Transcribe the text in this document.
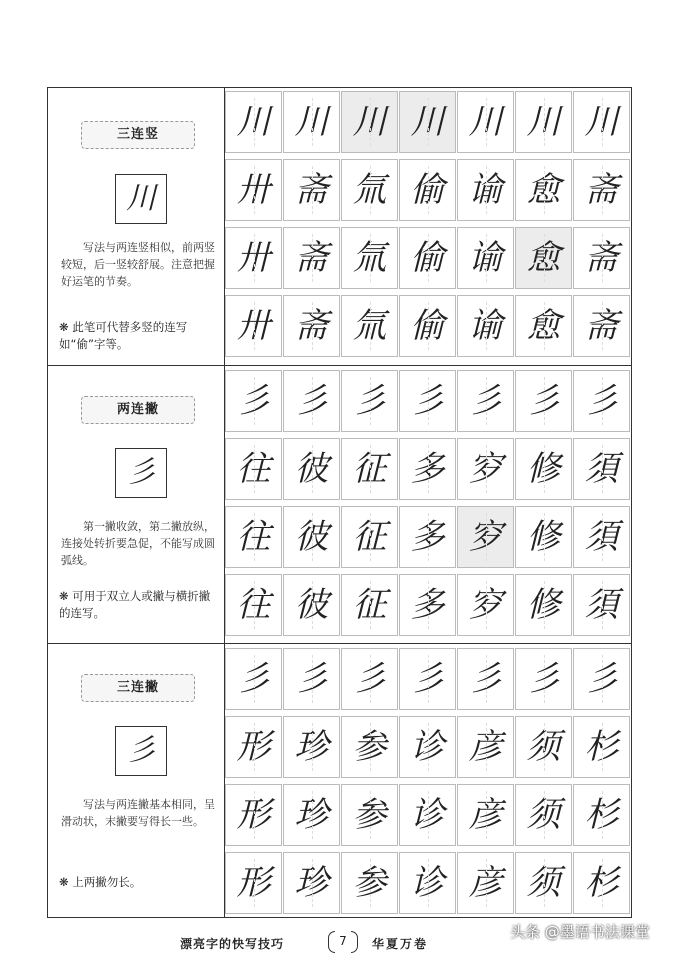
三连竖
川
写法与两连竖相似，前两竖较短，后一竖较舒展。注意把握好运笔的节奏。
❋ 此笔可代替多竖的连写如“偷”字等。
川 川 川 川 川 川 川
卅 斋 氚 偷 谕 愈 斋
卅 斋 氚 偷 谕 愈 斋
卅 斋 氚 偷 谕 愈 斋
两连撇
彡
第一撇收敛，第二撇放纵，连接处转折要急促，不能写成圆弧线。
❋ 可用于双立人或撇与横折撇的连写。
彡 彡 彡 彡 彡 彡 彡
往 彼 征 多 穸 修 須
往 彼 征 多 穸 修 須
往 彼 征 多 穸 修 須
三连撇
彡
写法与两连撇基本相同，呈滑动状，末撇要写得长一些。
❋ 上两撇勿长。
彡 彡 彡 彡 彡 彡 彡
形 珍 参 诊 彦 须 杉
形 珍 参 诊 彦 须 杉
形 珍 参 诊 彦 须 杉
漂亮字的快写技巧	7	华夏万卷
头条 @墨语书法课堂
